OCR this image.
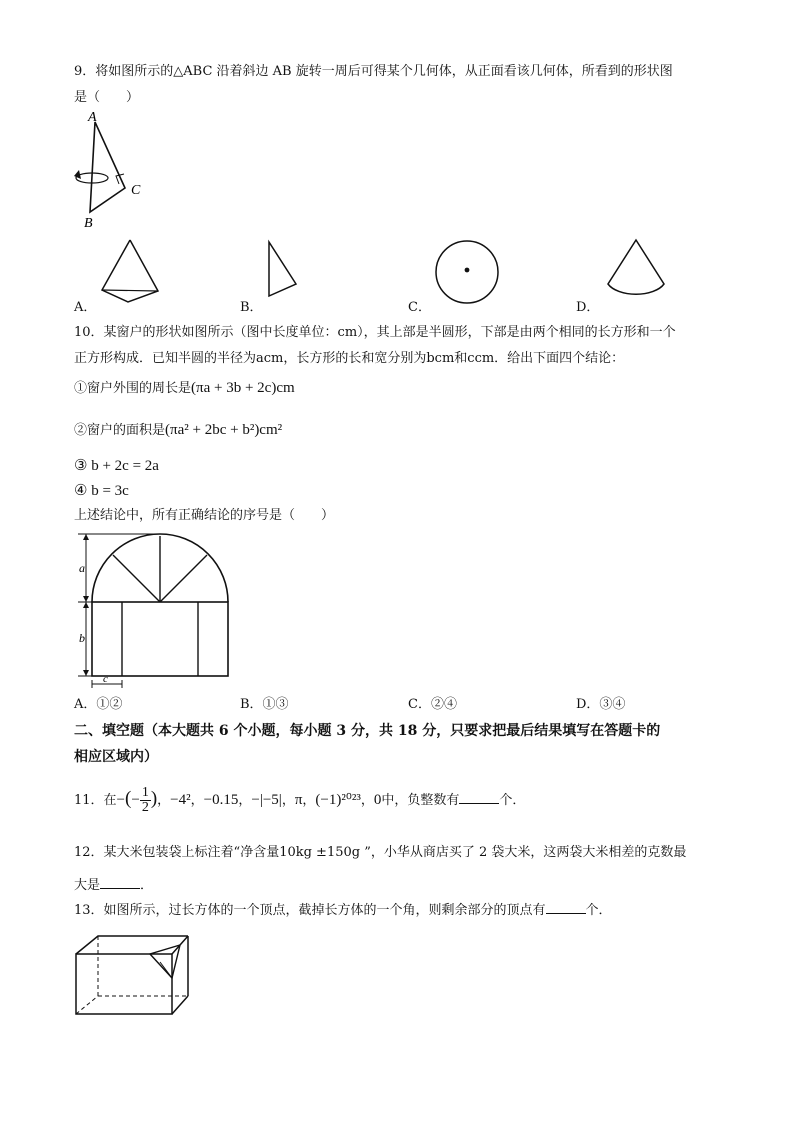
9．将如图所示的△ABC 沿着斜边 AB 旋转一周后可得某个几何体，从正面看该几何体，所看到的形状图
是（　　）
A
C
B
A．	B．	C．	D．
10．某窗户的形状如图所示（图中长度单位：cm），其上部是半圆形，下部是由两个相同的长方形和一个
正方形构成．已知半圆的半径为acm，长方形的长和宽分别为bcm和ccm．给出下面四个结论：
①窗户外围的周长是(πa + 3b + 2c)cm
②窗户的面积是(πa² + 2bc + b²)cm²
③ b + 2c = 2a
④ b = 3c
上述结论中，所有正确结论的序号是（　　）
a
b
c
A．①②	B．①③	C．②④	D．③④
二、填空题（本大题共 6 个小题，每小题 3 分，共 18 分，只要求把最后结果填写在答题卡的
相应区域内）
11．在−(− $\frac{1}{2}$ )，−4²，−0.15，−|−5|，π，(−1)²⁰²³，0中，负整数有	个．
12．某大米包装袋上标注着“净含量10kg ±150g ”，小华从商店买了 2 袋大米，这两袋大米相差的克数最
大是	．
13．如图所示，过长方体的一个顶点，截掉长方体的一个角，则剩余部分的顶点有	个．
